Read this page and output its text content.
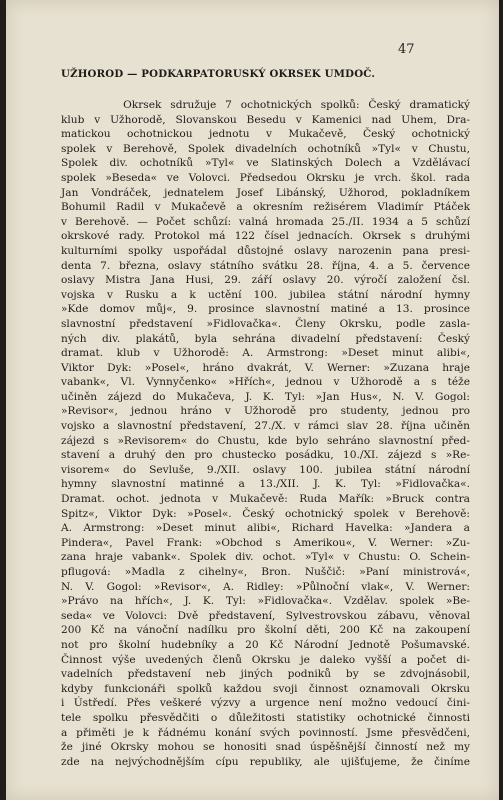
47
UŽHOROD — PODKARPATORUSKÝ OKRSEK UMDOČ.
Okrsek sdružuje 7 ochotnických spolků: Český dramatický
klub v Užhorodě, Slovanskou Besedu v Kamenici nad Uhem, Dra-
matickou ochotnickou jednotu v Mukačevě, Český ochotnický
spolek v Berehově, Spolek divadelních ochotníků »Tyl« v Chustu,
Spolek div. ochotníků »Tyl« ve Slatinských Dolech a Vzdělávací
spolek »Beseda« ve Volovci. Předsedou Okrsku je vrch. škol. rada
Jan Vondráček, jednatelem Josef Libánský, Užhorod, pokladníkem
Bohumil Radil v Mukačevě a okresním režisérem Vladimír Ptáček
v Berehově. — Počet schůzí: valná hromada 25./II. 1934 a 5 schůzí
okrskové rady. Protokol má 122 čísel jednacích. Okrsek s druhými
kulturními spolky uspořádal důstojné oslavy narozenin pana presi-
denta 7. března, oslavy státního svátku 28. října, 4. a 5. července
oslavy Mistra Jana Husi, 29. září oslavy 20. výročí založení čsl.
vojska v Rusku a k uctění 100. jubilea státní národní hymny
»Kde domov můj«, 9. prosince slavnostní matiné a 13. prosince
slavnostní představení »Fidlovačka«. Členy Okrsku, podle zasla-
ných div. plakátů, byla sehrána divadelní představení: Český
dramat. klub v Užhorodě: A. Armstrong: »Deset minut alibi«,
Viktor Dyk: »Posel«, hráno dvakrát, V. Werner: »Zuzana hraje
vabank«, Vl. Vynnyčenko« »Hřích«, jednou v Užhorodě a s téže
učiněn zájezd do Mukačeva, J. K. Tyl: »Jan Hus«, N. V. Gogol:
»Revisor«, jednou hráno v Užhorodě pro studenty, jednou pro
vojsko a slavnostní představení, 27./X. v rámci slav 28. října učiněn
zájezd s »Revisorem« do Chustu, kde bylo sehráno slavnostní před-
stavení a druhý den pro chustecko posádku, 10./XI. zájezd s »Re-
visorem« do Sevluše, 9./XII. oslavy 100. jubilea státní národní
hymny slavnostní matinné a 13./XII. J. K. Tyl: »Fidlovačka«.
Dramat. ochot. jednota v Mukačevě: Ruda Mařík: »Bruck contra
Spitz«, Viktor Dyk: »Posel«. Český ochotnický spolek v Berehově:
A. Armstrong: »Deset minut alibi«, Richard Havelka: »Jandera a
Pindera«, Pavel Frank: »Obchod s Amerikou«, V. Werner: »Zu-
zana hraje vabank«. Spolek div. ochot. »Tyl« v Chustu: O. Schein-
pflugová: »Madla z cihelny«, Bron. Nuščič: »Paní ministrová«,
N. V. Gogol: »Revisor«, A. Ridley: »Půlnoční vlak«, V. Werner:
»Právo na hřích«, J. K. Tyl: »Fidlovačka«. Vzdělav. spolek »Be-
seda« ve Volovci: Dvě představení, Sylvestrovskou zábavu, věnoval
200 Kč na vánoční nadílku pro školní děti, 200 Kč na zakoupení
not pro školní hudebníky a 20 Kč Národní Jednotě Pošumavské.
Činnost výše uvedených členů Okrsku je daleko vyšší a počet di-
vadelních představení neb jiných podniků by se zdvojnásobil,
kdyby funkcionáři spolků každou svoji činnost oznamovali Okrsku
i Ústředí. Přes veškeré výzvy a urgence není možno vedoucí čini-
tele spolku přesvědčiti o důležitosti statistiky ochotnické činnosti
a přiměti je k řádnému konání svých povinností. Jsme přesvědčeni,
že jiné Okrsky mohou se honositi snad úspěšnější činností než my
zde na nejvýchodnějším cípu republiky, ale ujišťujeme, že činíme
